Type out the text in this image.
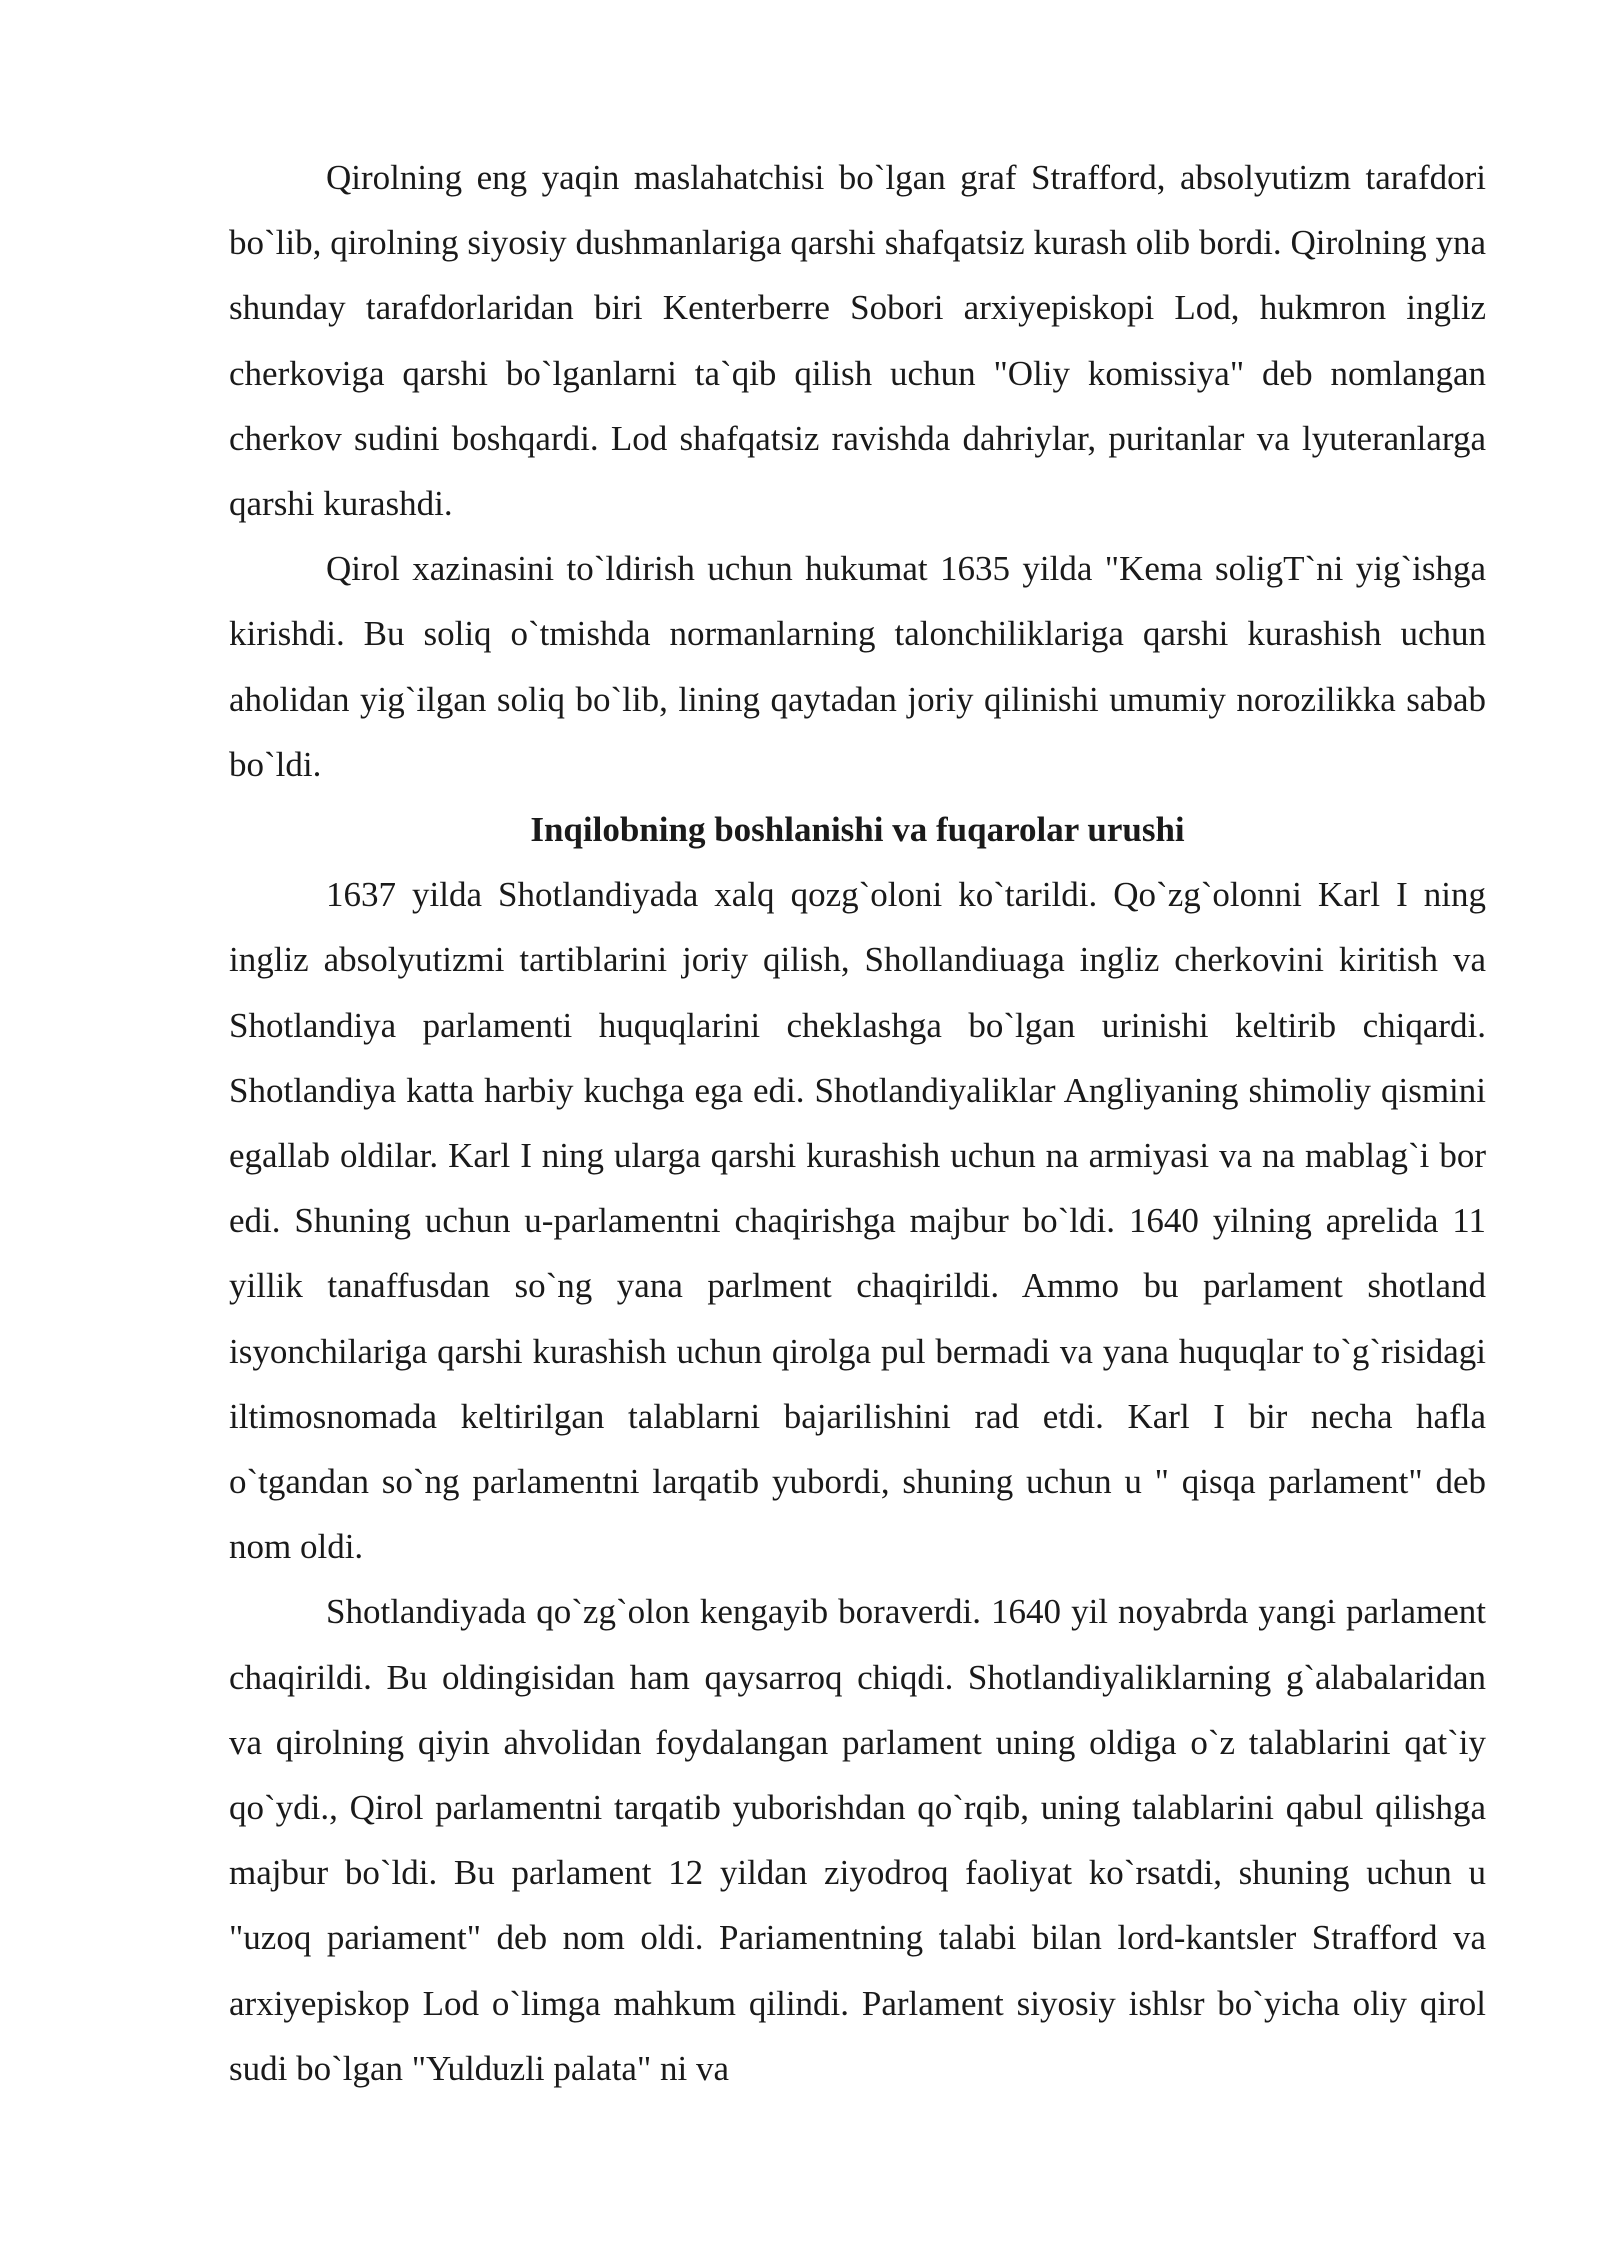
Qirolning eng yaqin maslahatchisi bo`lgan graf Strafford, absolyutizm tarafdori bo`lib, qirolning siyosiy dushmanlariga qarshi shafqatsiz kurash olib bordi. Qirolning yna shunday tarafdorlaridan biri Kenterberre Sobori arxiyepiskopi Lod, hukmron ingliz cherkoviga qarshi bo`lganlarni ta`qib qilish uchun "Oliy komissiya" deb nomlangan cherkov sudini boshqardi. Lod shafqatsiz ravishda dahriylar, puritanlar va lyuteranlarga qarshi kurashdi.

Qirol xazinasini to`ldirish uchun hukumat 1635 yilda "Kema soligT`ni yig`ishga kirishdi. Bu soliq o`tmishda normanlarning talonchiliklariga qarshi kurashish uchun aholidan yig`ilgan soliq bo`lib, lining qaytadan joriy qilinishi umumiy norozilikka sabab bo`ldi.

Inqilobning boshlanishi va fuqarolar urushi

1637 yilda Shotlandiyada xalq qozg`oloni ko`tarildi. Qo`zg`olonni Karl I ning ingliz absolyutizmi tartiblarini joriy qilish, Shollandiuaga ingliz cherkovini kiritish va Shotlandiya parlamenti huquqlarini cheklashga bo`lgan urinishi keltirib chiqardi. Shotlandiya katta harbiy kuchga ega edi. Shotlandiyaliklar Angliyaning shimoliy qismini egallab oldilar. Karl I ning ularga qarshi kurashish uchun na armiyasi va na mablag`i bor edi. Shuning uchun u-parlamentni chaqirishga majbur bo`ldi. 1640 yilning aprelida 11 yillik tanaffusdan so`ng yana parlment chaqirildi. Ammo bu parlament shotland isyonchilariga qarshi kurashish uchun qirolga pul bermadi va yana huquqlar to`g`risidagi iltimosnomada keltirilgan talablarni bajarilishini rad etdi. Karl I bir necha hafla o`tgandan so`ng parlamentni larqatib yubordi, shuning uchun u " qisqa parlament" deb nom oldi.

Shotlandiyada qo`zg`olon kengayib boraverdi. 1640 yil noyabrda yangi parlament chaqirildi. Bu oldingisidan ham qaysarroq chiqdi. Shotlandiyaliklarning g`alabalaridan va qirolning qiyin ahvolidan foydalangan parlament uning oldiga o`z talablarini qat`iy qo`ydi., Qirol parlamentni tarqatib yuborishdan qo`rqib, uning talablarini qabul qilishga majbur bo`ldi. Bu parlament 12 yildan ziyodroq faoliyat ko`rsatdi, shuning uchun u "uzoq pariament" deb nom oldi. Pariamentning talabi bilan lord-kantsler Strafford va arxiyepiskop Lod o`limga mahkum qilindi. Parlament siyosiy ishlsr bo`yicha oliy qirol sudi bo`lgan "Yulduzli palata" ni va
